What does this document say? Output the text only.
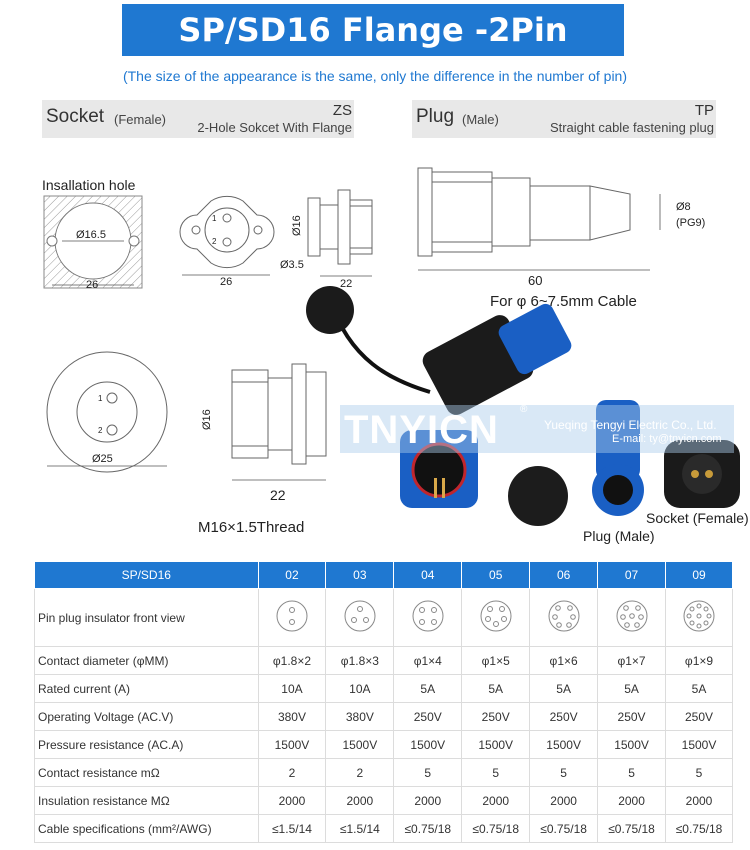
SP/SD16 Flange -2Pin
(The size of the appearance is the same, only the difference in the number of pin)
Socket (Female)
ZS
2-Hole Sokcet With Flange
Plug (Male)
TP
Straight cable fastening plug
Insallation hole
Ø16.5
26
1
2
26
Ø16
Ø3.5
22
Ø8
(PG9)
60
For φ 6~7.5mm Cable
1
2
Ø25
Ø16
22
M16×1.5Thread
TNYICN ®
Yueqing Tengyi Electric Co., Ltd.
E-mail: ty@tnyicn.com
Plug (Male)
Socket (Female)
SP/SD16	02	03	04	05	06	07	09
Pin plug insulator front view							
Contact diameter (φMM)	φ1.8×2	φ1.8×3	φ1×4	φ1×5	φ1×6	φ1×7	φ1×9
Rated current (A)	10A	10A	5A	5A	5A	5A	5A
Operating Voltage (AC.V)	380V	380V	250V	250V	250V	250V	250V
Pressure resistance (AC.A)	1500V	1500V	1500V	1500V	1500V	1500V	1500V
Contact resistance mΩ	2	2	5	5	5	5	5
Insulation resistance MΩ	2000	2000	2000	2000	2000	2000	2000
Cable specifications (mm²/AWG)	≤1.5/14	≤1.5/14	≤0.75/18	≤0.75/18	≤0.75/18	≤0.75/18	≤0.75/18
